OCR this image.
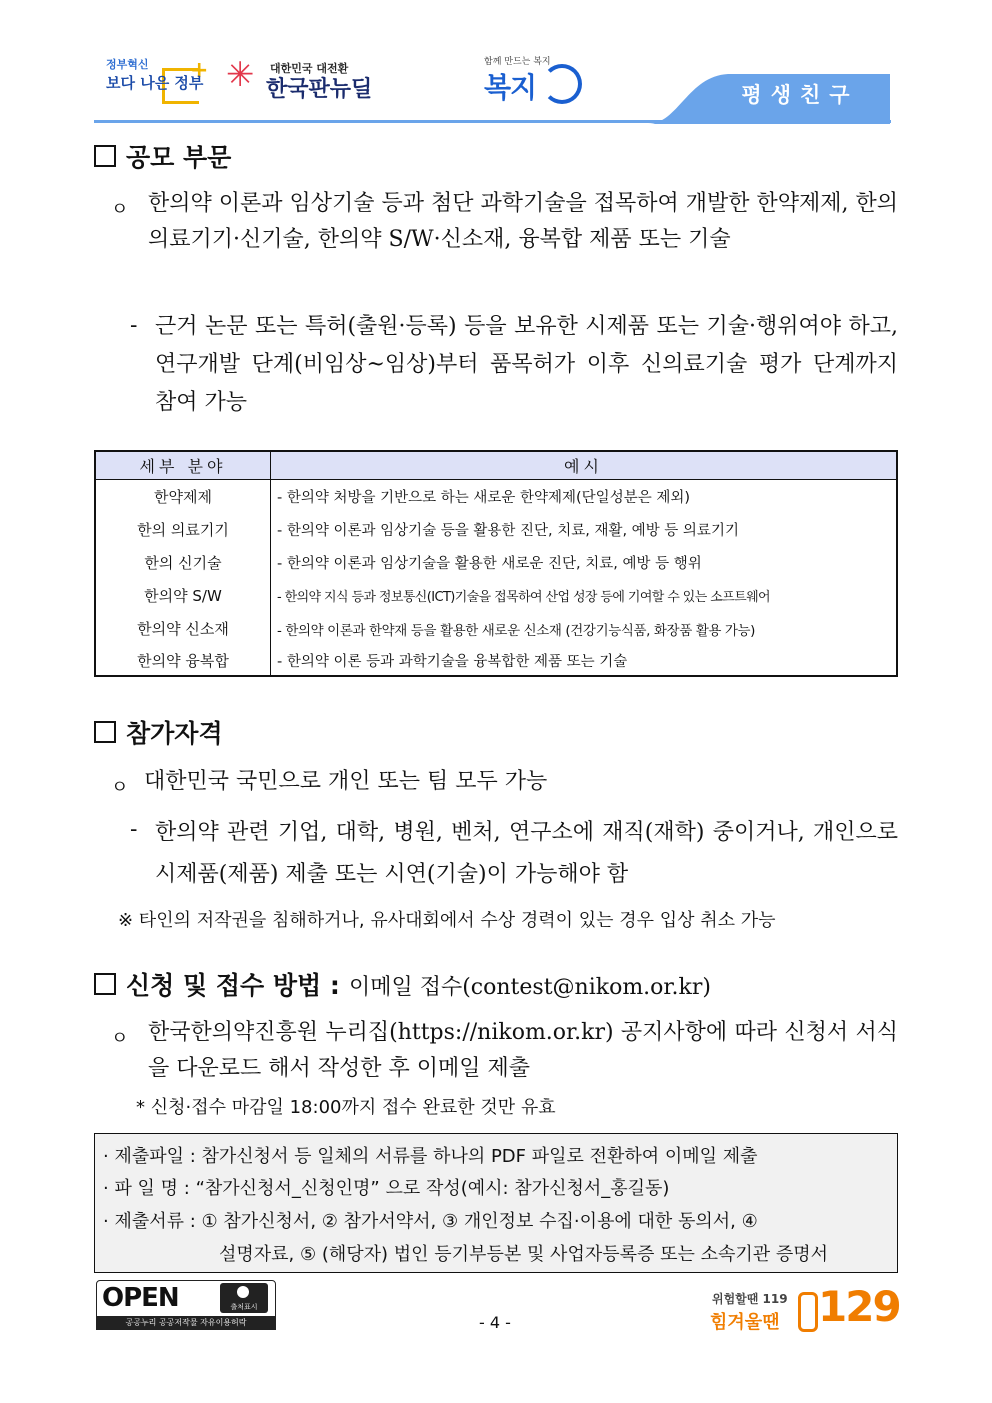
정부혁신 +
보다 나은 정부 ✳ 대한민국 대전환
한국판뉴딜
함께 만드는 복지
복지	평생친구
공모 부문
ㅇ 한의약 이론과 임상기술 등과 첨단 과학기술을 접목하여 개발한 한약제제, 한의 의료기기·신기술, 한의약 S/W·신소재, 융복합 제품 또는 기술
- 근거 논문 또는 특허(출원·등록) 등을 보유한 시제품 또는 기술·행위여야 하고, 연구개발 단계(비임상~임상)부터 품목허가 이후 신의료기술 평가 단계까지 참여 가능
세부 분야	예시
한약제제	- 한의약 처방을 기반으로 하는 새로운 한약제제(단일성분은 제외)
한의 의료기기	- 한의약 이론과 임상기술 등을 활용한 진단, 치료, 재활, 예방 등 의료기기
한의 신기술	- 한의약 이론과 임상기술을 활용한 새로운 진단, 치료, 예방 등 행위
한의약 S/W	- 한의약 지식 등과 정보통신(ICT)기술을 접목하여 산업 성장 등에 기여할 수 있는 소프트웨어
한의약 신소재	- 한의약 이론과 한약재 등을 활용한 새로운 신소재 (건강기능식품, 화장품 활용 가능)
한의약 융복합	- 한의약 이론 등과 과학기술을 융복합한 제품 또는 기술
참가자격
ㅇ 대한민국 국민으로 개인 또는 팀 모두 가능
- 한의약 관련 기업, 대학, 병원, 벤처, 연구소에 재직(재학) 중이거나, 개인으로 시제품(제품) 제출 또는 시연(기술)이 가능해야 함
※ 타인의 저작권을 침해하거나, 유사대회에서 수상 경력이 있는 경우 입상 취소 가능
신청 및 접수 방법 : 이메일 접수(contest@nikom.or.kr)
ㅇ 한국한의약진흥원 누리집(https://nikom.or.kr) 공지사항에 따라 신청서 서식을 다운로드 해서 작성한 후 이메일 제출
* 신청·접수 마감일 18:00까지 접수 완료한 것만 유효
· 제출파일 : 참가신청서 등 일체의 서류를 하나의 PDF 파일로 전환하여 이메일 제출
· 파 일 명 : “참가신청서_신청인명” 으로 작성(예시: 참가신청서_홍길동)
· 제출서류 : ① 참가신청서, ② 참가서약서, ③ 개인정보 수집·이용에 대한 동의서, ④
설명자료, ⑤ (해당자) 법인 등기부등본 및 사업자등록증 또는 소속기관 증명서
OPEN	출처표시
공공누리 공공저작물 자유이용허락	- 4 -
위험할땐 119
힘겨울땐 129
